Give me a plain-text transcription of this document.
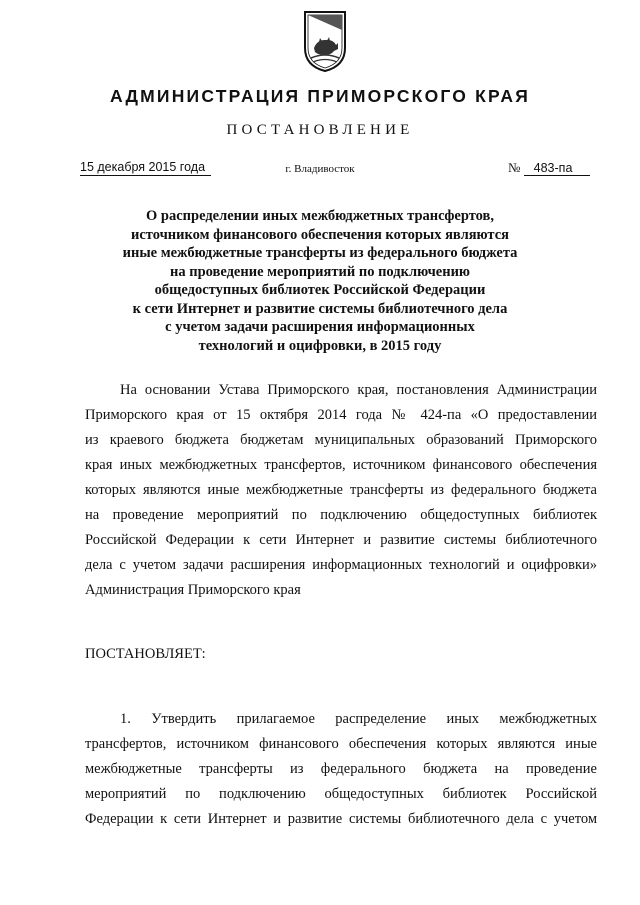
АДМИНИСТРАЦИЯ ПРИМОРСКОГО КРАЯ
ПОСТАНОВЛЕНИЕ
15 декабря 2015 года	г. Владивосток	№ 483-па
О распределении иных межбюджетных трансфертов,
источником финансового обеспечения которых являются
иные межбюджетные трансферты из федерального бюджета
на проведение мероприятий по подключению
общедоступных библиотек Российской Федерации
к сети Интернет и развитие системы библиотечного дела
с учетом задачи расширения информационных
технологий и оцифровки, в 2015 году
На основании Устава Приморского края, постановления Администрации
Приморского края от 15 октября 2014 года № 424-па «О предоставлении
из краевого бюджета бюджетам муниципальных образований Приморского
края иных межбюджетных трансфертов, источником финансового обеспечения
которых являются иные межбюджетные трансферты из федерального бюджета
на проведение мероприятий по подключению общедоступных библиотек
Российской Федерации к сети Интернет и развитие системы библиотечного
дела с учетом задачи расширения информационных технологий и оцифровки»
Администрация Приморского края
ПОСТАНОВЛЯЕТ:
1. Утвердить прилагаемое распределение иных межбюджетных
трансфертов, источником финансового обеспечения которых являются иные
межбюджетные трансферты из федерального бюджета на проведение
мероприятий по подключению общедоступных библиотек Российской
Федерации к сети Интернет и развитие системы библиотечного дела с учетом
